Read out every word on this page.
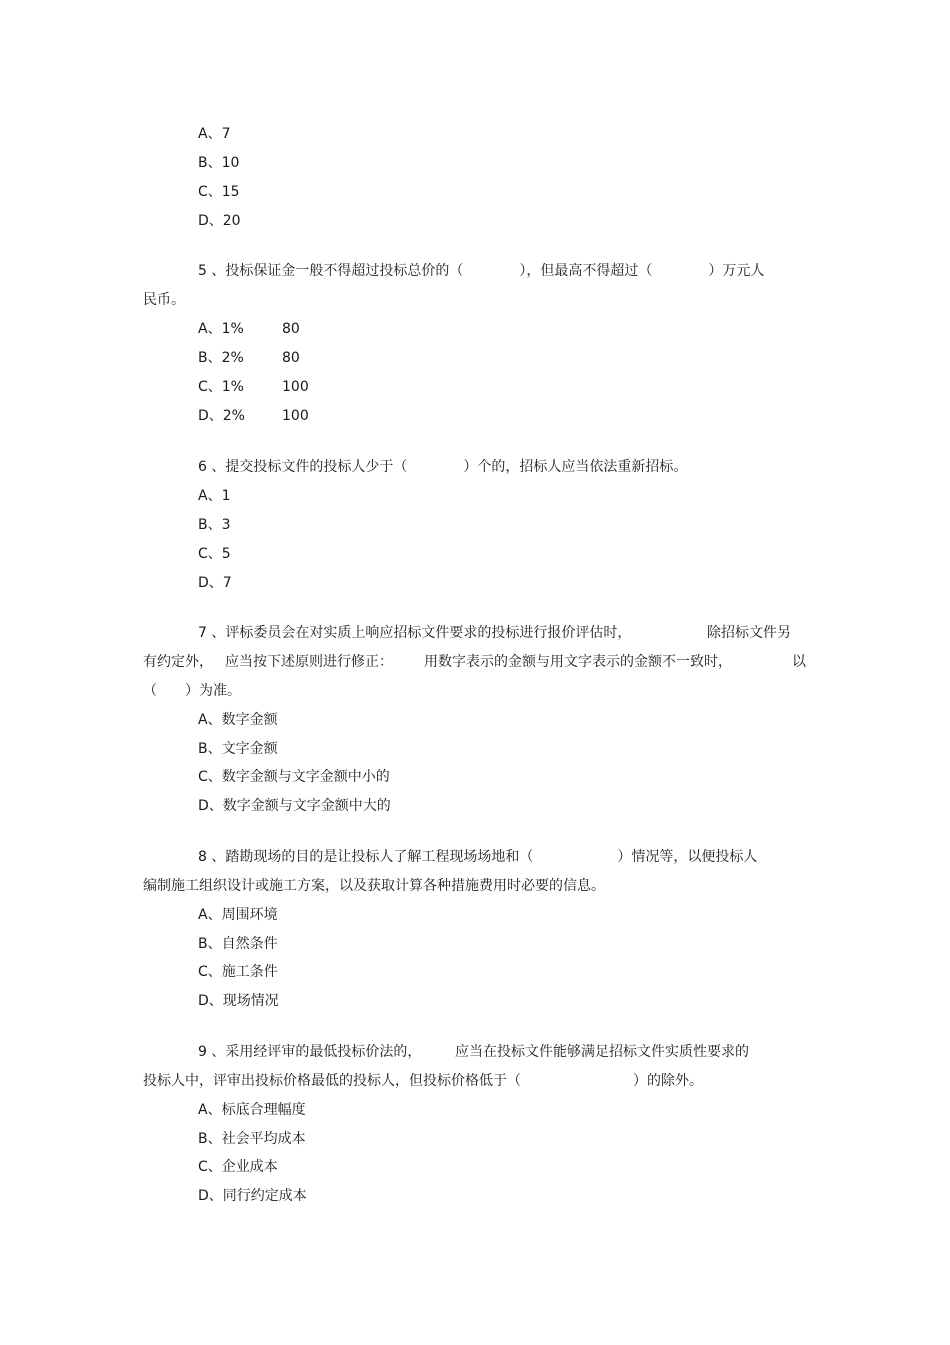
A、7
B、10
C、15
D、20
5 、投标保证金一般不得超过投标总价的（　　　　），但最高不得超过（　　　　）万元人
民币。
A、1%	80
B、2%	80
C、1%	100
D、2%	100
6 、提交投标文件的投标人少于（　　　　）个的，招标人应当依法重新招标。
A、1
B、3
C、5
D、7
7 、评标委员会在对实质上响应招标文件要求的投标进行报价评估时，	除招标文件另
有约定外， 应当按下述原则进行修正： 用数字表示的金额与用文字表示的金额不一致时，	以
（　　）为准。
A、数字金额
B、文字金额
C、数字金额与文字金额中小的
D、数字金额与文字金额中大的
8 、踏勘现场的目的是让投标人了解工程现场场地和（　　　　　　）情况等，以便投标人
编制施工组织设计或施工方案，以及获取计算各种措施费用时必要的信息。
A、周围环境
B、自然条件
C、施工条件
D、现场情况
9 、采用经评审的最低投标价法的， 应当在投标文件能够满足招标文件实质性要求的
投标人中，评审出投标价格最低的投标人，但投标价格低于（　　　　　　　　）的除外。
A、标底合理幅度
B、社会平均成本
C、企业成本
D、同行约定成本
